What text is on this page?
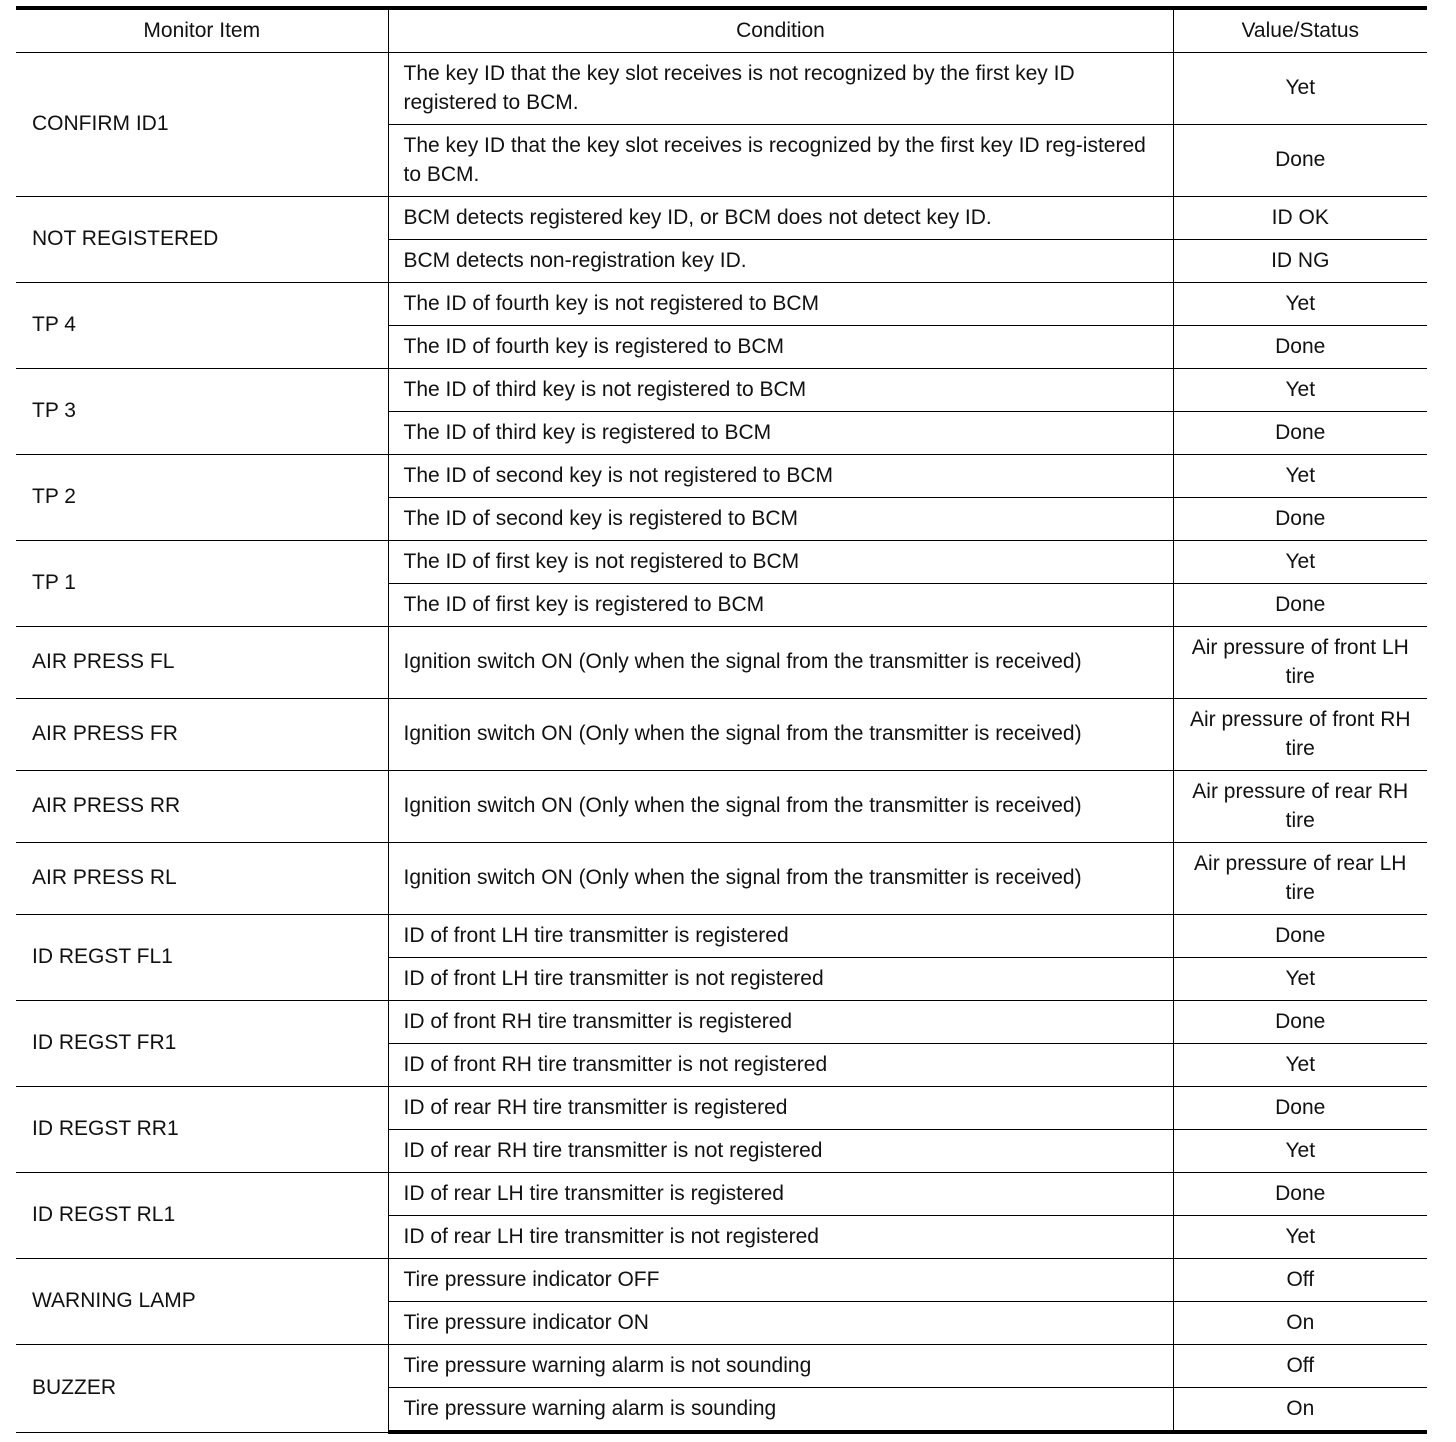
Monitor Item	Condition	Value/Status
CONFIRM ID1	The key ID that the key slot receives is not recognized by the first key ID registered to BCM.	Yet
	The key ID that the key slot receives is recognized by the first key ID reg-istered to BCM.	Done
NOT REGISTERED	BCM detects registered key ID, or BCM does not detect key ID.	ID OK
	BCM detects non-registration key ID.	ID NG
TP 4	The ID of fourth key is not registered to BCM	Yet
	The ID of fourth key is registered to BCM	Done
TP 3	The ID of third key is not registered to BCM	Yet
	The ID of third key is registered to BCM	Done
TP 2	The ID of second key is not registered to BCM	Yet
	The ID of second key is registered to BCM	Done
TP 1	The ID of first key is not registered to BCM	Yet
	The ID of first key is registered to BCM	Done
AIR PRESS FL	Ignition switch ON (Only when the signal from the transmitter is received)	Air pressure of front LH tire
AIR PRESS FR	Ignition switch ON (Only when the signal from the transmitter is received)	Air pressure of front RH tire
AIR PRESS RR	Ignition switch ON (Only when the signal from the transmitter is received)	Air pressure of rear RH tire
AIR PRESS RL	Ignition switch ON (Only when the signal from the transmitter is received)	Air pressure of rear LH tire
ID REGST FL1	ID of front LH tire transmitter is registered	Done
	ID of front LH tire transmitter is not registered	Yet
ID REGST FR1	ID of front RH tire transmitter is registered	Done
	ID of front RH tire transmitter is not registered	Yet
ID REGST RR1	ID of rear RH tire transmitter is registered	Done
	ID of rear RH tire transmitter is not registered	Yet
ID REGST RL1	ID of rear LH tire transmitter is registered	Done
	ID of rear LH tire transmitter is not registered	Yet
WARNING LAMP	Tire pressure indicator OFF	Off
	Tire pressure indicator ON	On
BUZZER	Tire pressure warning alarm is not sounding	Off
	Tire pressure warning alarm is sounding	On
